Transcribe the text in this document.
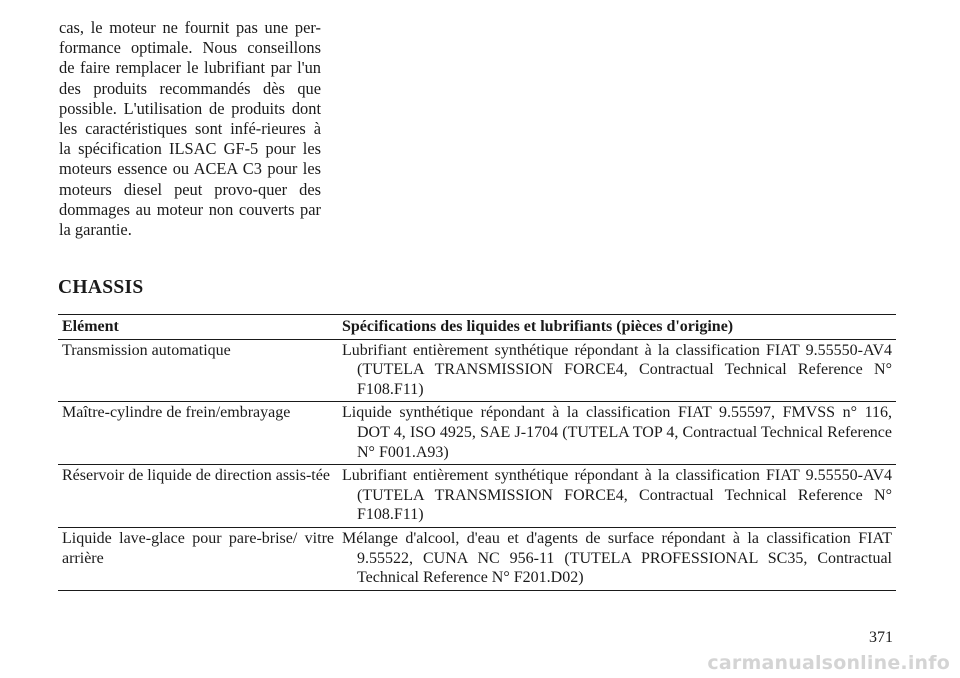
cas, le moteur ne fournit pas une per-formance optimale. Nous conseillons de faire remplacer le lubrifiant par l'un des produits recommandés dès que possible. L'utilisation de produits dont les caractéristiques sont infé-rieures à la spécification ILSAC GF-5 pour les moteurs essence ou ACEA C3 pour les moteurs diesel peut provo-quer des dommages au moteur non couverts par la garantie.
CHASSIS
Elément	Spécifications des liquides et lubrifiants (pièces d'origine)
Transmission automatique	Lubrifiant entièrement synthétique répondant à la classification FIAT 9.55550-AV4 (TUTELA TRANSMISSION FORCE4, Contractual Technical Reference N° F108.F11)

Maître-cylindre de frein/embrayage	Liquide synthétique répondant à la classification FIAT 9.55597, FMVSS n° 116, DOT 4, ISO 4925, SAE J-1704 (TUTELA TOP 4, Contractual Technical Reference N° F001.A93)

Réservoir de liquide de direction assis-tée	Lubrifiant entièrement synthétique répondant à la classification FIAT 9.55550-AV4 (TUTELA TRANSMISSION FORCE4, Contractual Technical Reference N° F108.F11)

Liquide lave-glace pour pare-brise/ vitre arrière	Mélange d'alcool, d'eau et d'agents de surface répondant à la classification FIAT 9.55522, CUNA NC 956-11 (TUTELA PROFESSIONAL SC35, Contractual Technical Reference N° F201.D02)
371
carmanualsonline.info
